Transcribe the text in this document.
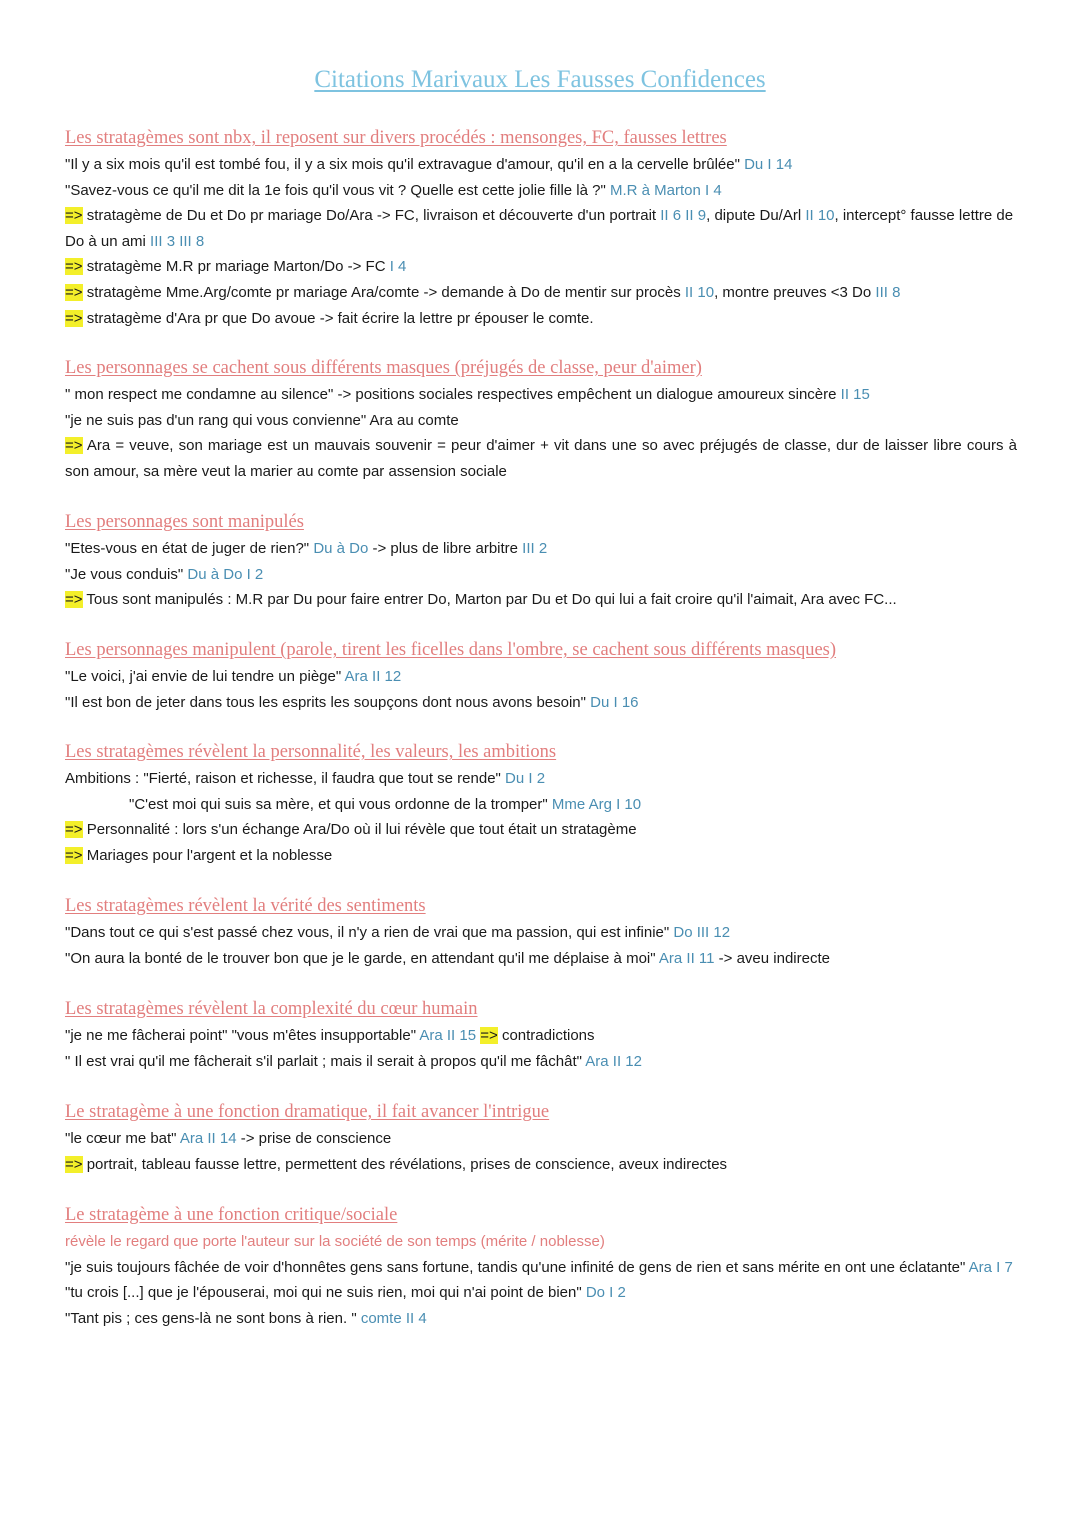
Citations Marivaux Les Fausses Confidences
Les stratagèmes sont nbx, il reposent sur divers procédés : mensonges, FC, fausses lettres
"Il y a six mois qu'il est tombé fou, il y a six mois qu'il extravague d'amour, qu'il en a la cervelle brûlée" Du I 14
"Savez-vous ce qu'il me dit la 1e fois qu'il vous vit ? Quelle est cette jolie fille là ?" M.R à Marton I 4
=> stratagème de Du et Do pr mariage Do/Ara -> FC, livraison et découverte d'un portrait II 6 II 9, dipute Du/Arl II 10, intercept° fausse lettre de Do à un ami III 3 III 8
=> stratagème M.R pr mariage Marton/Do -> FC I 4
=> stratagème Mme.Arg/comte pr mariage Ara/comte -> demande à Do de mentir sur procès II 10, montre preuves <3 Do III 8
=> stratagème d'Ara pr que Do avoue -> fait écrire la lettre pr épouser le comte.
Les personnages se cachent sous différents masques (préjugés de classe, peur d'aimer)
" mon respect me condamne au silence" -> positions sociales respectives empêchent un dialogue amoureux sincère II 15
"je ne suis pas d'un rang qui vous convienne" Ara au comte
=> Ara = veuve, son mariage est un mauvais souvenir = peur d'aimer + vit dans une so avec préjugés de classe, dur de laisser libre cours à son amour, sa mère veut la marier au comte par assension sociale
Les personnages sont manipulés
"Etes-vous en état de juger de rien?" Du à Do -> plus de libre arbitre III 2
"Je vous conduis" Du à Do I 2
=> Tous sont manipulés : M.R par Du pour faire entrer Do, Marton par Du et Do qui lui a fait croire qu'il l'aimait, Ara avec FC...
Les personnages manipulent (parole, tirent les ficelles dans l'ombre, se cachent sous différents masques)
"Le voici, j'ai envie de lui tendre un piège" Ara II 12
"Il est bon de jeter dans tous les esprits les soupçons dont nous avons besoin" Du I 16
Les stratagèmes révèlent la personnalité, les valeurs, les ambitions
Ambitions : "Fierté, raison et richesse, il faudra que tout se rende" Du I 2
"C'est moi qui suis sa mère, et qui vous ordonne de la tromper" Mme Arg I 10
=> Personnalité : lors s'un échange Ara/Do où il lui révèle que tout était un stratagème
=> Mariages pour l'argent et la noblesse
Les stratagèmes révèlent la vérité des sentiments
"Dans tout ce qui s'est passé chez vous, il n'y a rien de vrai que ma passion, qui est infinie" Do III 12
"On aura la bonté de le trouver bon que je le garde, en attendant qu'il me déplaise à moi" Ara II 11 -> aveu indirecte
Les stratagèmes révèlent la complexité du cœur humain
"je ne me fâcherai point" "vous m'êtes insupportable" Ara II 15 => contradictions
" Il est vrai qu'il me fâcherait s'il parlait ; mais il serait à propos qu'il me fâchât" Ara II 12
Le stratagème à une fonction dramatique, il fait avancer l'intrigue
"le cœur me bat" Ara II 14 -> prise de conscience
=> portrait, tableau fausse lettre, permettent des révélations, prises de conscience, aveux indirectes
Le stratagème à une fonction critique/sociale
révèle le regard que porte l'auteur sur la société de son temps (mérite / noblesse)
"je suis toujours fâchée de voir d'honnêtes gens sans fortune, tandis qu'une infinité de gens de rien et sans mérite en ont une éclatante" Ara I 7
"tu crois [...] que je l'épouserai, moi qui ne suis rien, moi qui n'ai point de bien" Do I 2
"Tant pis ; ces gens-là ne sont bons à rien. " comte II 4
